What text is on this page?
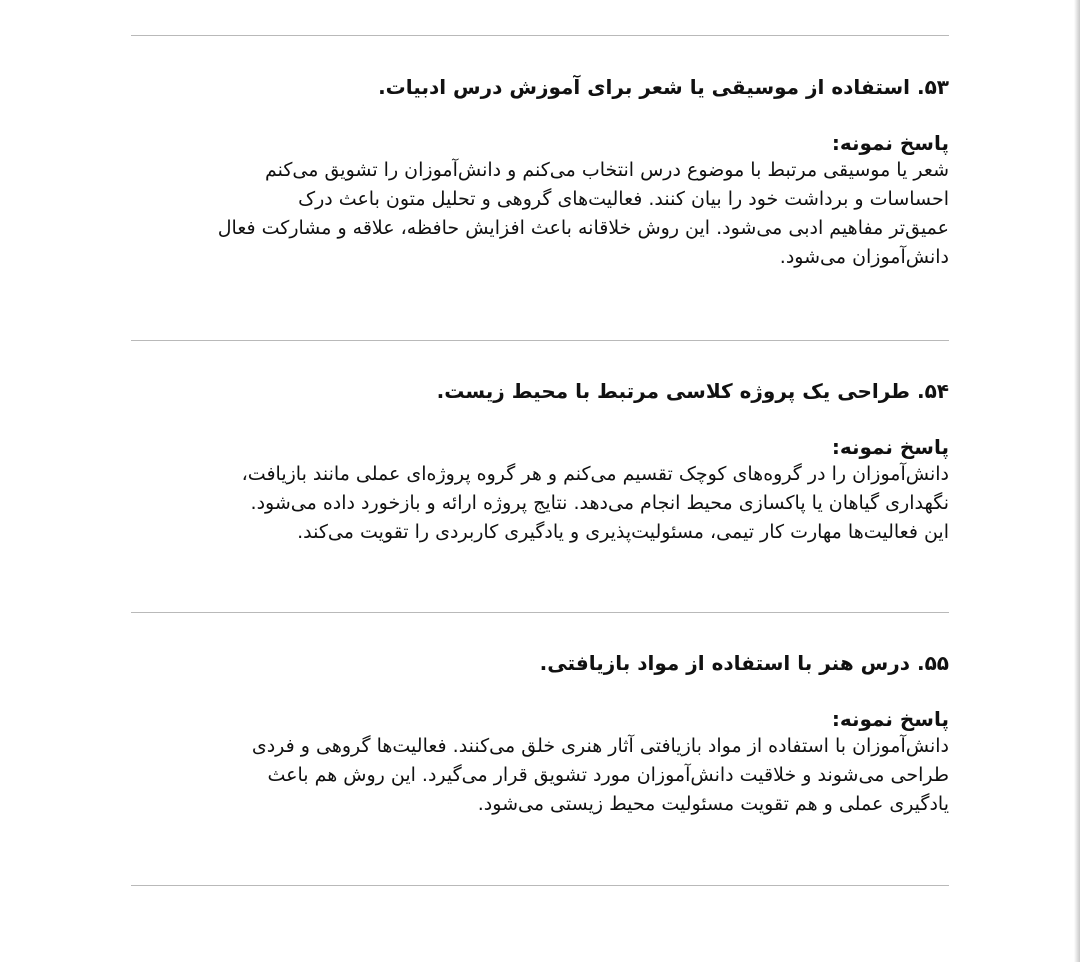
۵۳. استفاده از موسیقی یا شعر برای آموزش درس ادبیات.

پاسخ نمونه:

شعر یا موسیقی مرتبط با موضوع درس انتخاب می‌کنم و دانش‌آموزان را تشویق می‌کنم

احساسات و برداشت خود را بیان کنند. فعالیت‌های گروهی و تحلیل متون باعث درک

عمیق‌تر مفاهیم ادبی می‌شود. این روش خلاقانه باعث افزایش حافظه، علاقه و مشارکت فعال

دانش‌آموزان می‌شود.

۵۴. طراحی یک پروژه کلاسی مرتبط با محیط زیست.

پاسخ نمونه:

دانش‌آموزان را در گروه‌های کوچک تقسیم می‌کنم و هر گروه پروژه‌ای عملی مانند بازیافت،

نگهداری گیاهان یا پاکسازی محیط انجام می‌دهد. نتایج پروژه ارائه و بازخورد داده می‌شود.

این فعالیت‌ها مهارت کار تیمی، مسئولیت‌پذیری و یادگیری کاربردی را تقویت می‌کند.

۵۵. درس هنر با استفاده از مواد بازیافتی.

پاسخ نمونه:

دانش‌آموزان با استفاده از مواد بازیافتی آثار هنری خلق می‌کنند. فعالیت‌ها گروهی و فردی

طراحی می‌شوند و خلاقیت دانش‌آموزان مورد تشویق قرار می‌گیرد. این روش هم باعث

یادگیری عملی و هم تقویت مسئولیت محیط زیستی می‌شود.
